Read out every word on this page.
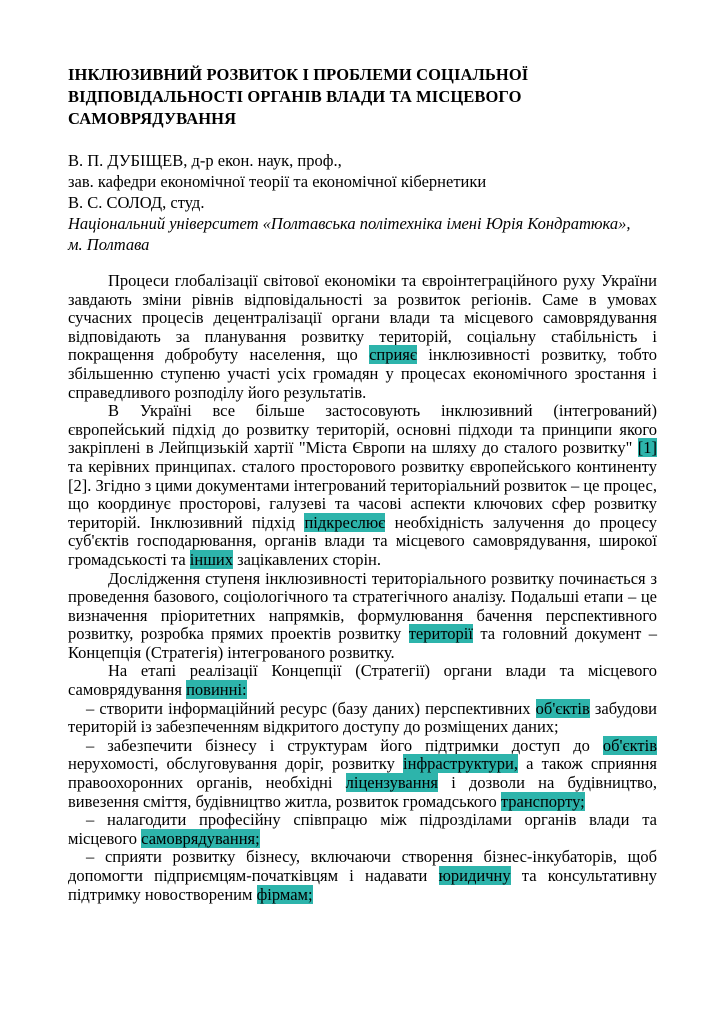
ІНКЛЮЗИВНИЙ РОЗВИТОК І ПРОБЛЕМИ СОЦІАЛЬНОЇ
ВІДПОВІДАЛЬНОСТІ ОРГАНІВ ВЛАДИ ТА МІСЦЕВОГО
САМОВРЯДУВАННЯ
В. П. ДУБІЩЕВ, д-р екон. наук, проф.,
зав. кафедри економічної теорії та економічної кібернетики
В. С. СОЛОД, студ.
Національний університет «Полтавська політехніка імені Юрія Кондратюка»,
м. Полтава

Процеси глобалізації світової економіки та євроінтеграційного руху України завдають зміни рівнів відповідальності за розвиток регіонів. Саме в умовах сучасних процесів децентралізації органи влади та місцевого самоврядування відповідають за планування розвитку територій, соціальну стабільність і покращення добробуту населення, що сприяє інклюзивності розвитку, тобто збільшенню ступеню участі усіх громадян у процесах економічного зростання і справедливого розподілу його результатів.

В Україні все більше застосовують інклюзивний (інтегрований) європейський підхід до розвитку територій, основні підходи та принципи якого закріплені в Лейпцизькій хартії "Міста Європи на шляху до сталого розвитку" [1] та керівних принципах. сталого просторового розвитку європейського континенту [2]. Згідно з цими документами інтегрований територіальний розвиток – це процес, що координує просторові, галузеві та часові аспекти ключових сфер розвитку територій. Інклюзивний підхід підкреслює необхідність залучення до процесу суб'єктів господарювання, органів влади та місцевого самоврядування, широкої громадськості та інших зацікавлених сторін.

Дослідження ступеня інклюзивності територіального розвитку починається з проведення базового, соціологічного та стратегічного аналізу. Подальші етапи – це визначення пріоритетних напрямків, формулювання бачення перспективного розвитку, розробка прямих проектів розвитку території та головний документ – Концепція (Стратегія) інтегрованого розвитку.

На етапі реалізації Концепції (Стратегії) органи влади та місцевого самоврядування повинні:

– створити інформаційний ресурс (базу даних) перспективних об'єктів забудови територій із забезпеченням відкритого доступу до розміщених даних;

– забезпечити бізнесу і структурам його підтримки доступ до об'єктів нерухомості, обслуговування доріг, розвитку інфраструктури, а також сприяння правоохоронних органів, необхідні ліцензування і дозволи на будівництво, вивезення сміття, будівництво житла, розвиток громадського транспорту;

– налагодити професійну співпрацю між підрозділами органів влади та місцевого самоврядування;

– сприяти розвитку бізнесу, включаючи створення бізнес-інкубаторів, щоб допомогти підприємцям-початківцям і надавати юридичну та консультативну підтримку новоствореним фірмам;
